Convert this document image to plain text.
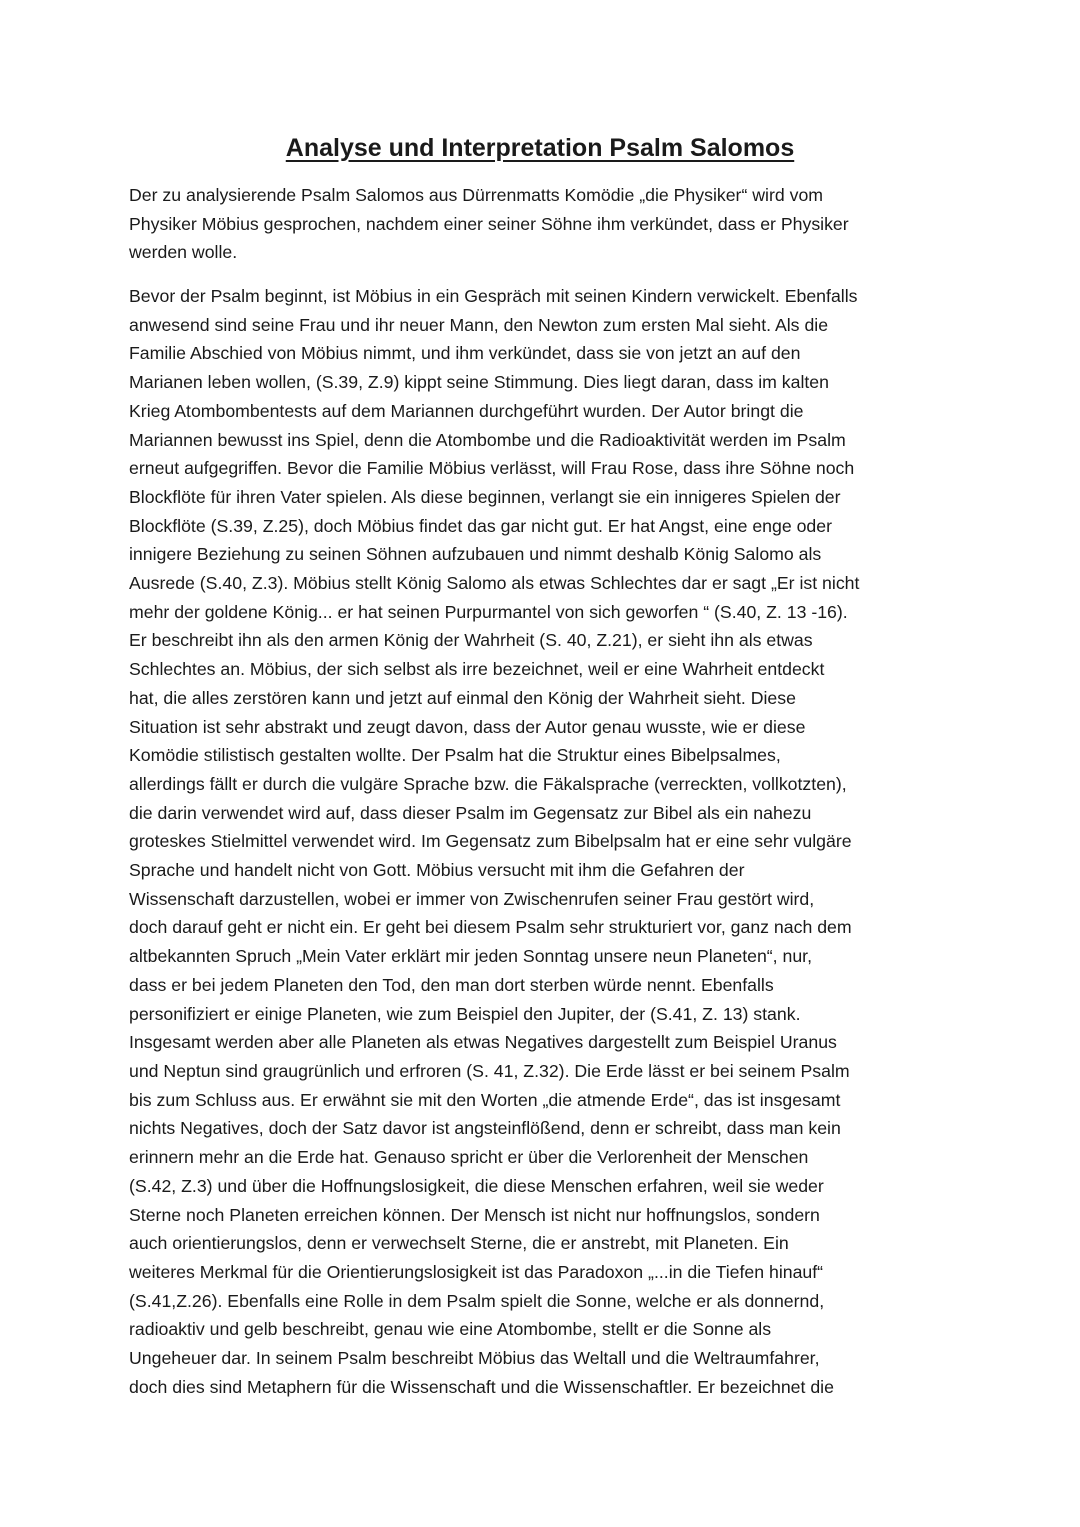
Analyse und Interpretation Psalm Salomos

Der zu analysierende Psalm Salomos aus Dürrenmatts Komödie „die Physiker“ wird vom
Physiker Möbius gesprochen, nachdem einer seiner Söhne ihm verkündet, dass er Physiker
werden wolle.

Bevor der Psalm beginnt, ist Möbius in ein Gespräch mit seinen Kindern verwickelt. Ebenfalls
anwesend sind seine Frau und ihr neuer Mann, den Newton zum ersten Mal sieht. Als die
Familie Abschied von Möbius nimmt, und ihm verkündet, dass sie von jetzt an auf den
Marianen leben wollen, (S.39, Z.9) kippt seine Stimmung. Dies liegt daran, dass im kalten
Krieg Atombombentests auf dem Mariannen durchgeführt wurden. Der Autor bringt die
Mariannen bewusst ins Spiel, denn die Atombombe und die Radioaktivität werden im Psalm
erneut aufgegriffen. Bevor die Familie Möbius verlässt, will Frau Rose, dass ihre Söhne noch
Blockflöte für ihren Vater spielen. Als diese beginnen, verlangt sie ein innigeres Spielen der
Blockflöte (S.39, Z.25), doch Möbius findet das gar nicht gut. Er hat Angst, eine enge oder
innigere Beziehung zu seinen Söhnen aufzubauen und nimmt deshalb König Salomo als
Ausrede (S.40, Z.3). Möbius stellt König Salomo als etwas Schlechtes dar er sagt „Er ist nicht
mehr der goldene König... er hat seinen Purpurmantel von sich geworfen “ (S.40, Z. 13 -16).
Er beschreibt ihn als den armen König der Wahrheit (S. 40, Z.21), er sieht ihn als etwas
Schlechtes an. Möbius, der sich selbst als irre bezeichnet, weil er eine Wahrheit entdeckt
hat, die alles zerstören kann und jetzt auf einmal den König der Wahrheit sieht. Diese
Situation ist sehr abstrakt und zeugt davon, dass der Autor genau wusste, wie er diese
Komödie stilistisch gestalten wollte. Der Psalm hat die Struktur eines Bibelpsalmes,
allerdings fällt er durch die vulgäre Sprache bzw. die Fäkalsprache (verreckten, vollkotzten),
die darin verwendet wird auf, dass dieser Psalm im Gegensatz zur Bibel als ein nahezu
groteskes Stielmittel verwendet wird. Im Gegensatz zum Bibelpsalm hat er eine sehr vulgäre
Sprache und handelt nicht von Gott. Möbius versucht mit ihm die Gefahren der
Wissenschaft darzustellen, wobei er immer von Zwischenrufen seiner Frau gestört wird,
doch darauf geht er nicht ein. Er geht bei diesem Psalm sehr strukturiert vor, ganz nach dem
altbekannten Spruch „Mein Vater erklärt mir jeden Sonntag unsere neun Planeten“, nur,
dass er bei jedem Planeten den Tod, den man dort sterben würde nennt. Ebenfalls
personifiziert er einige Planeten, wie zum Beispiel den Jupiter, der (S.41, Z. 13) stank.
Insgesamt werden aber alle Planeten als etwas Negatives dargestellt zum Beispiel Uranus
und Neptun sind graugrünlich und erfroren (S. 41, Z.32). Die Erde lässt er bei seinem Psalm
bis zum Schluss aus. Er erwähnt sie mit den Worten „die atmende Erde“, das ist insgesamt
nichts Negatives, doch der Satz davor ist angsteinflößend, denn er schreibt, dass man kein
erinnern mehr an die Erde hat. Genauso spricht er über die Verlorenheit der Menschen
(S.42, Z.3) und über die Hoffnungslosigkeit, die diese Menschen erfahren, weil sie weder
Sterne noch Planeten erreichen können. Der Mensch ist nicht nur hoffnungslos, sondern
auch orientierungslos, denn er verwechselt Sterne, die er anstrebt, mit Planeten. Ein
weiteres Merkmal für die Orientierungslosigkeit ist das Paradoxon „...in die Tiefen hinauf“
(S.41,Z.26). Ebenfalls eine Rolle in dem Psalm spielt die Sonne, welche er als donnernd,
radioaktiv und gelb beschreibt, genau wie eine Atombombe, stellt er die Sonne als
Ungeheuer dar. In seinem Psalm beschreibt Möbius das Weltall und die Weltraumfahrer,
doch dies sind Metaphern für die Wissenschaft und die Wissenschaftler. Er bezeichnet die
